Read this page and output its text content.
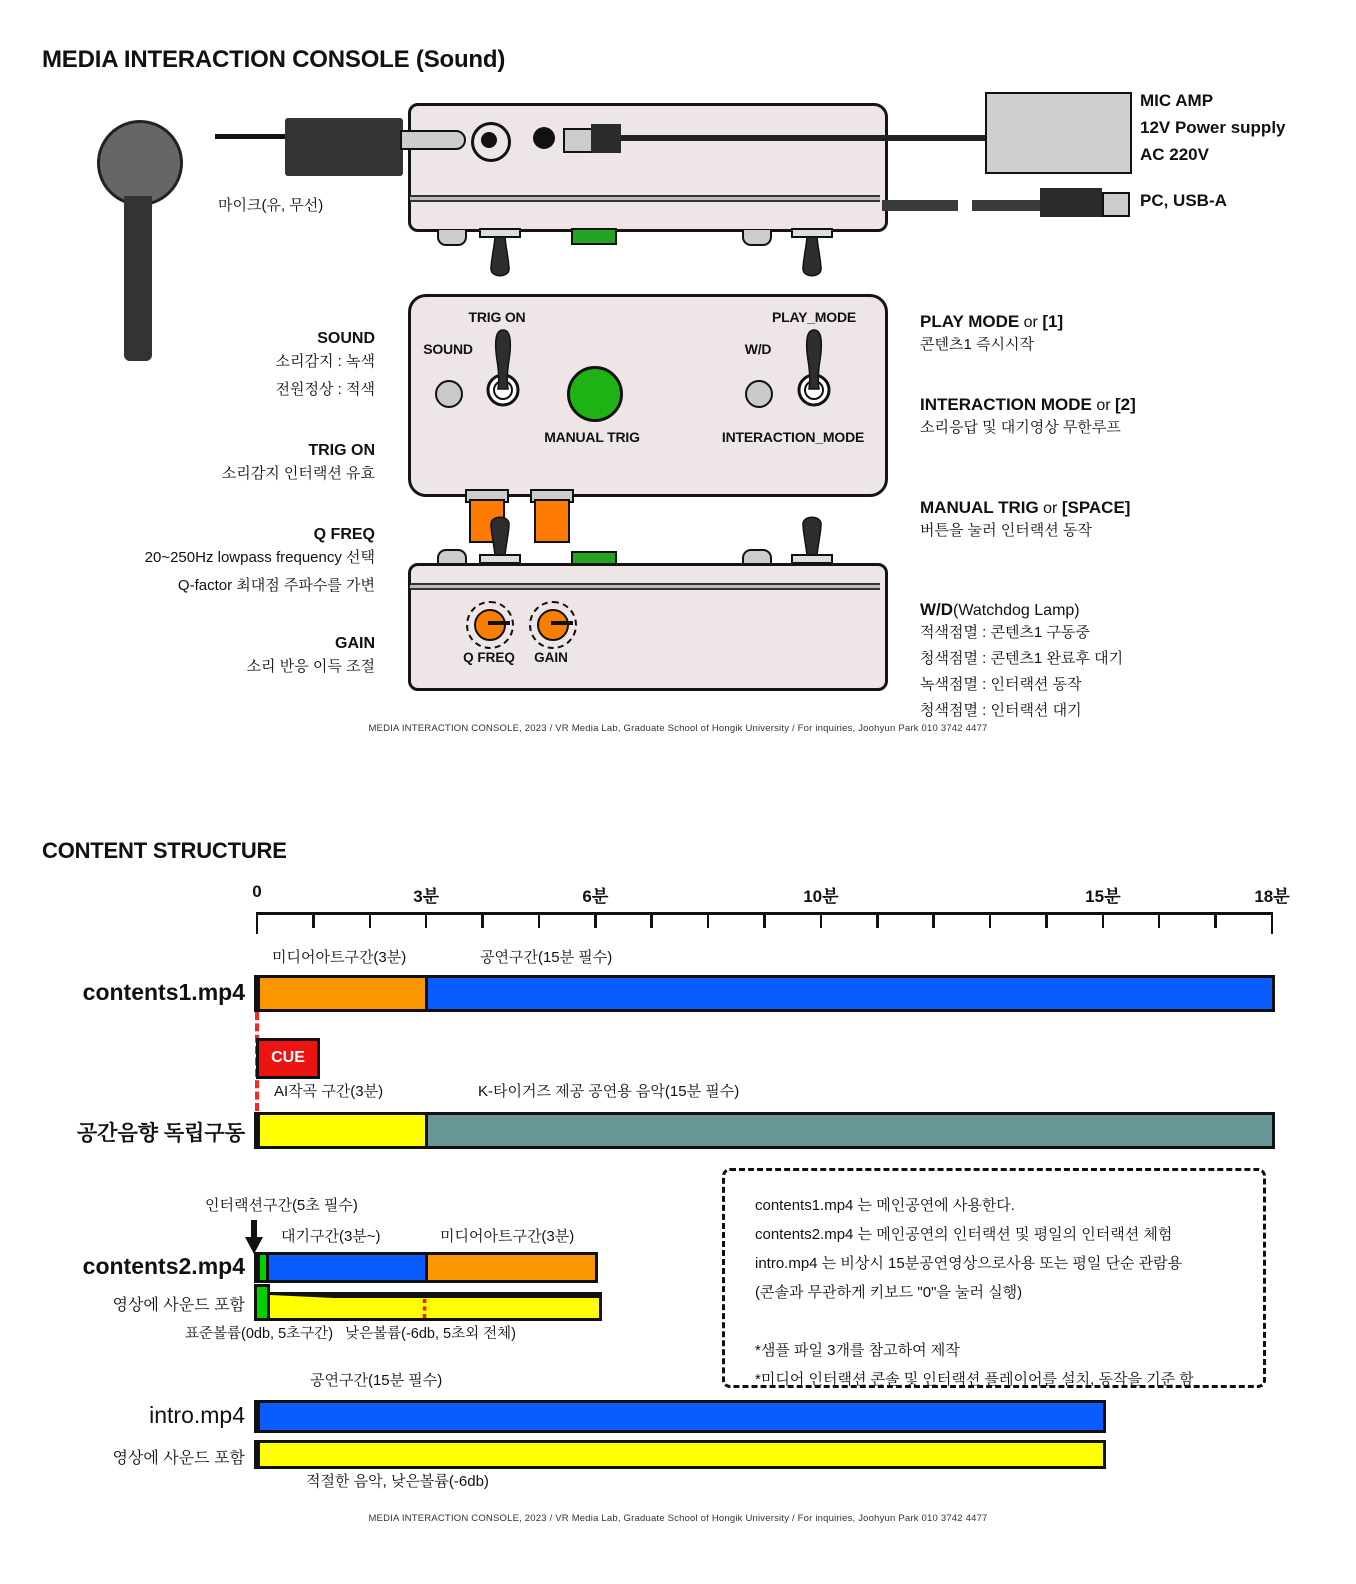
MEDIA INTERACTION CONSOLE (Sound)
마이크(유, 무선)
MIC AMP
12V Power supply
AC 220V
PC, USB-A
TRIG ON
SOUND
MANUAL TRIG
W/D
PLAY_MODE
INTERACTION_MODE
SOUND
소리감지 : 녹색
전원정상 : 적색
TRIG ON
소리감지 인터랙션 유효
Q FREQ
20~250Hz lowpass frequency 선택
Q-factor 최대점 주파수를 가변
GAIN
소리 반응 이득 조절
PLAY MODE or [1]
콘텐츠1 즉시시작
INTERACTION MODE or [2]
소리응답 및 대기영상 무한루프
MANUAL TRIG or [SPACE]
버튼을 눌러 인터랙션 동작
W/D(Watchdog Lamp)
적색점멸 : 콘텐츠1 구동중
청색점멸 : 콘텐츠1 완료후 대기
녹색점멸 : 인터랙션 동작
청색점멸 : 인터랙션 대기
Q FREQ	GAIN
MEDIA INTERACTION CONSOLE, 2023 / VR Media Lab, Graduate School of Hongik University / For inquiries, Joohyun Park 010 3742 4477
CONTENT STRUCTURE
0	3분	6분	10분	15분	18분
contents1.mp4
공간음향 독립구동
contents2.mp4
intro.mp4
영상에 사운드 포함
미디어아트구간(3분)	공연구간(15분 필수)
CUE
AI작곡 구간(3분)	K-타이거즈 제공 공연용 음악(15분 필수)
인터랙션구간(5초 필수)
대기구간(3분~)	미디어아트구간(3분)
영상에 사운드 포함
표준볼륨(0db, 5초구간)   낮은볼륨(-6db, 5초외 전체)
contents1.mp4 는 메인공연에 사용한다.
contents2.mp4 는 메인공연의 인터랙션 및 평일의 인터랙션 체험
intro.mp4 는 비상시 15분공연영상으로사용 또는 평일 단순 관람용
(콘솔과 무관하게 키보드 "0"을 눌러 실행)
*샘플 파일 3개를 참고하여 제작
*미디어 인터랙션 콘솔 및 인터랙션 플레이어를 설치, 동작을 기준 함
공연구간(15분 필수)
적절한 음악, 낮은볼륨(-6db)
MEDIA INTERACTION CONSOLE, 2023 / VR Media Lab, Graduate School of Hongik University / For inquiries, Joohyun Park 010 3742 4477
